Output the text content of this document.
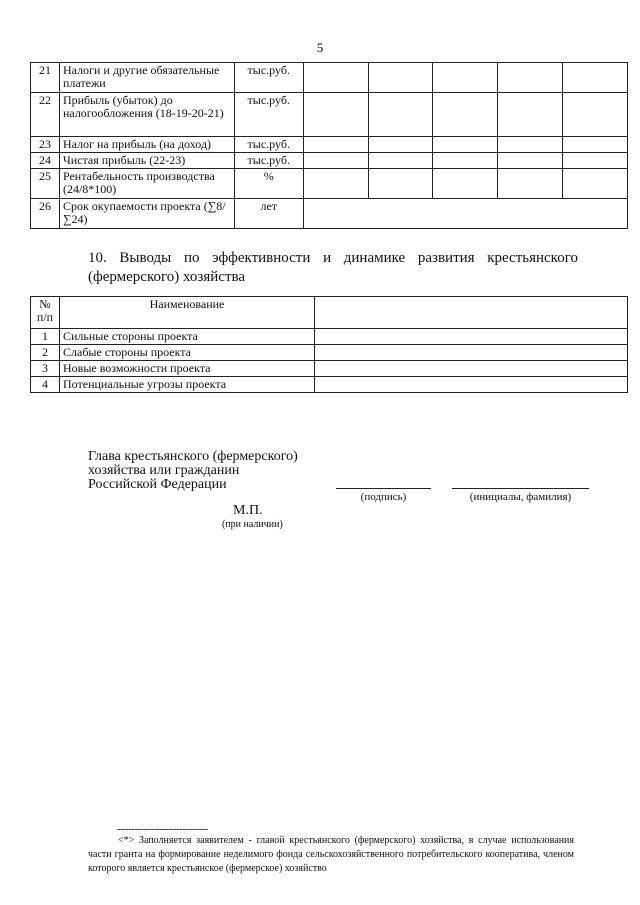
5
21	Налоги и другие обязательные платежи	тыс.руб.					
22	Прибыль (убыток) до налогообложения (18-19-20-21)	тыс.руб.					
23	Налог на прибыль (на доход)	тыс.руб.					
24	Чистая прибыль (22-23)	тыс.руб.					
25	Рентабельность производства (24/8*100)	%					
26	Срок окупаемости проекта (∑8/∑24)	лет					
10. Выводы по эффективности и динамике развития крестьянского (фермерского) хозяйства
№ п/п	Наименование	
1	Сильные стороны проекта	
2	Слабые стороны проекта	
3	Новые возможности проекта	
4	Потенциальные угрозы проекта	
Глава крестьянского (фермерского)
хозяйства или гражданин
Российской Федерации
(подпись)	(инициалы, фамилия)
М.П.
(при наличии)
--------------------------------

<*> Заполняется заявителем - главой крестьянского (фермерского) хозяйства, в случае использования части гранта на формирование неделимого фонда сельскохозяйственного потребительского кооператива, членом которого является крестьянское (фермерское) хозяйство
